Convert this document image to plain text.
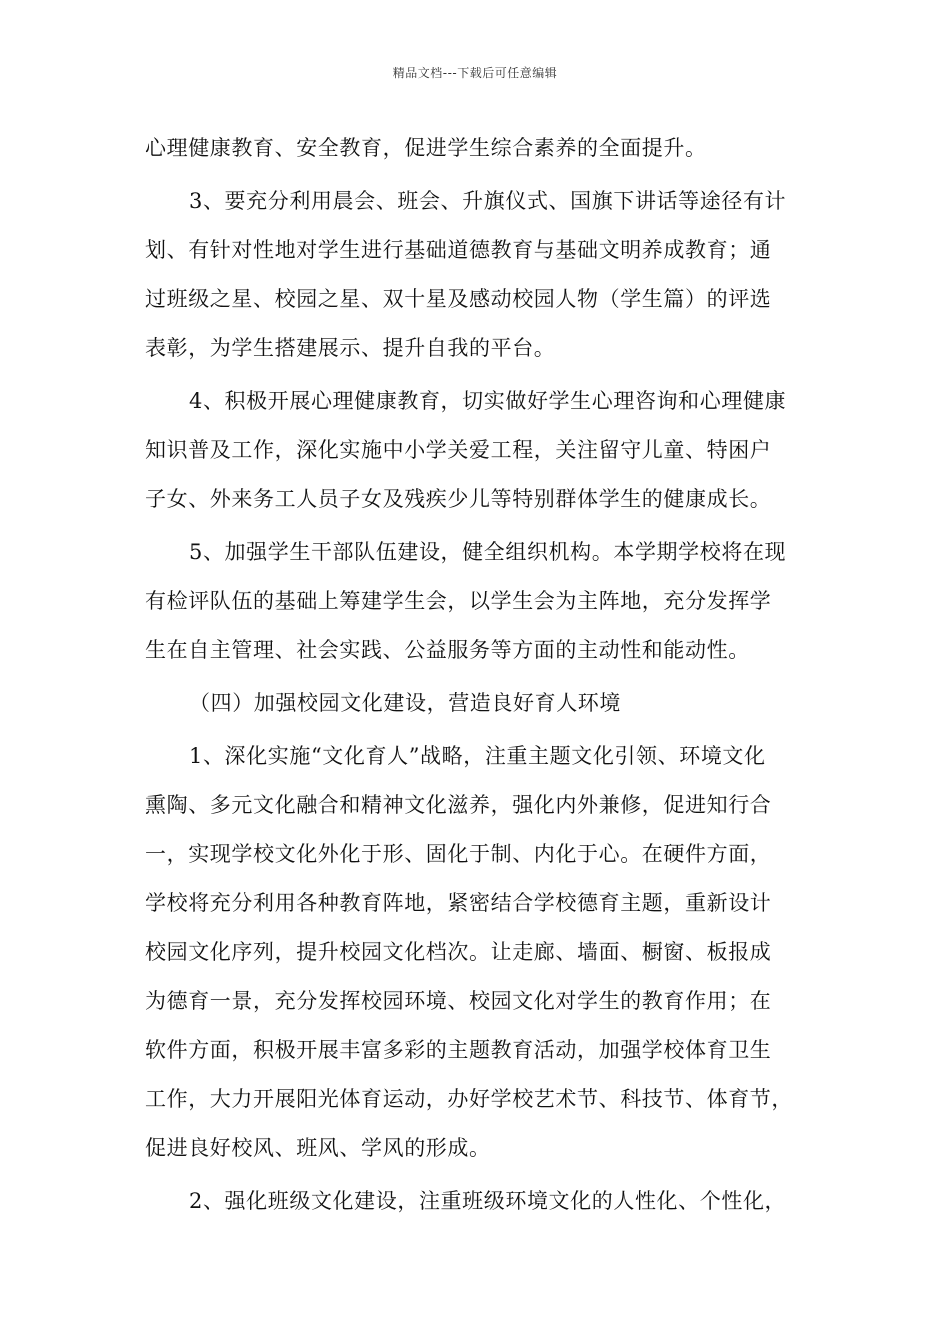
精品文档---下载后可任意编辑
心理健康教育、安全教育，促进学生综合素养的全面提升。
3、要充分利用晨会、班会、升旗仪式、国旗下讲话等途径有计
划、有针对性地对学生进行基础道德教育与基础文明养成教育；通
过班级之星、校园之星、双十星及感动校园人物（学生篇）的评选
表彰，为学生搭建展示、提升自我的平台。
4、积极开展心理健康教育，切实做好学生心理咨询和心理健康
知识普及工作，深化实施中小学关爱工程，关注留守儿童、特困户
子女、外来务工人员子女及残疾少儿等特别群体学生的健康成长。
5、加强学生干部队伍建设，健全组织机构。本学期学校将在现
有检评队伍的基础上筹建学生会，以学生会为主阵地，充分发挥学
生在自主管理、社会实践、公益服务等方面的主动性和能动性。
（四）加强校园文化建设，营造良好育人环境
1、深化实施“文化育人”战略，注重主题文化引领、环境文化
熏陶、多元文化融合和精神文化滋养，强化内外兼修，促进知行合
一，实现学校文化外化于形、固化于制、内化于心。在硬件方面，
学校将充分利用各种教育阵地，紧密结合学校德育主题，重新设计
校园文化序列，提升校园文化档次。让走廊、墙面、橱窗、板报成
为德育一景，充分发挥校园环境、校园文化对学生的教育作用；在
软件方面，积极开展丰富多彩的主题教育活动，加强学校体育卫生
工作，大力开展阳光体育运动，办好学校艺术节、科技节、体育节，
促进良好校风、班风、学风的形成。
2、强化班级文化建设，注重班级环境文化的人性化、个性化，
